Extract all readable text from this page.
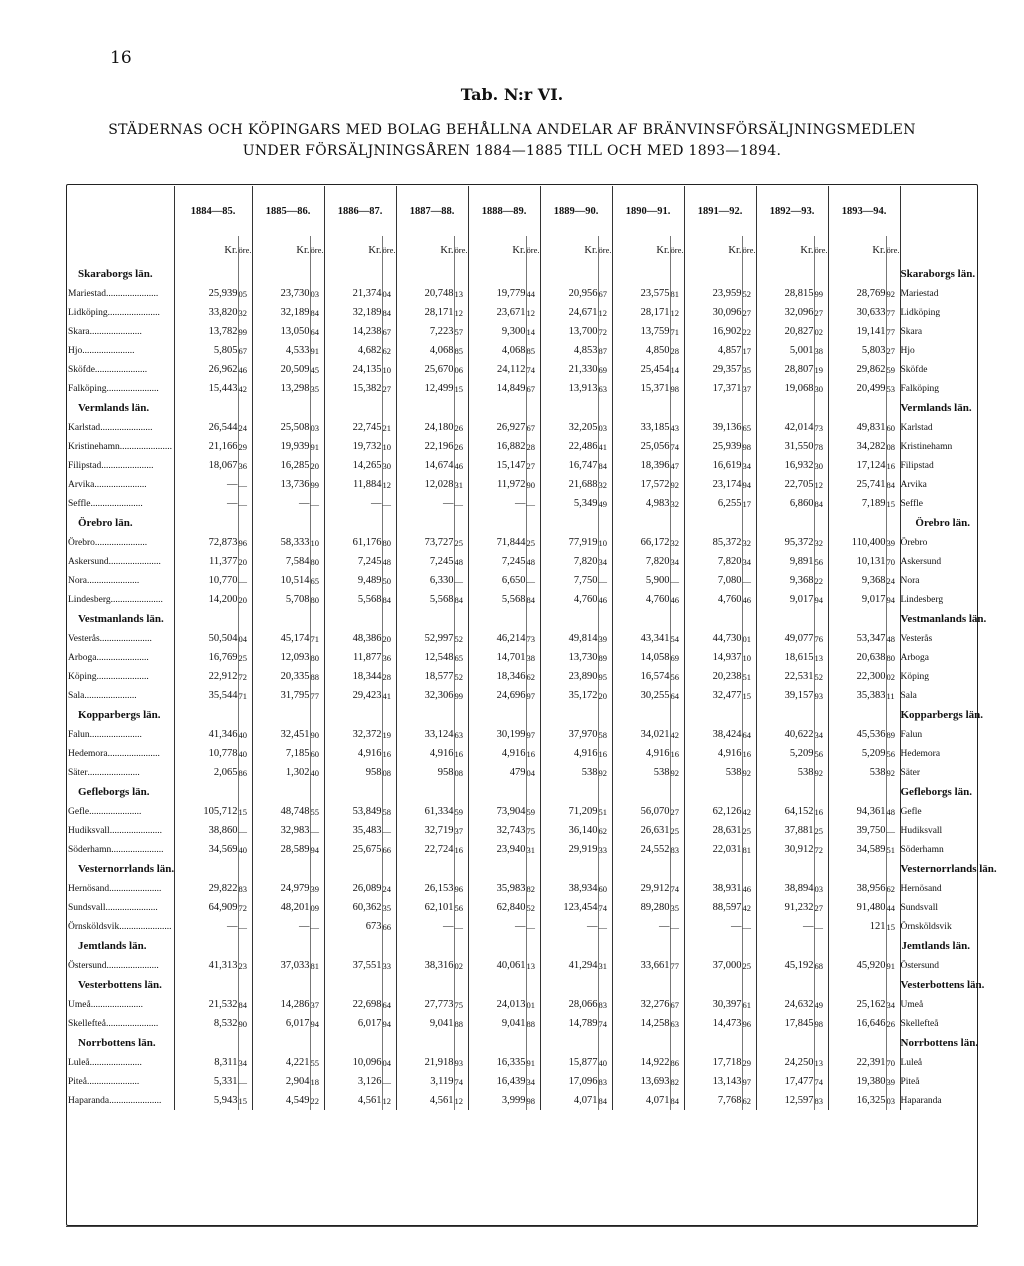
16
Tab. N:r VI.
STÄDERNAS OCH KÖPINGARS MED BOLAG BEHÅLLNA ANDELAR AF BRÄNVINSFÖRSÄLJNINGSMEDLEN
UNDER FÖRSÄLJNINGSÅREN 1884—1885 TILL OCH MED 1893—1894.
	1884—85.		1885—86.		1886—87.		1887—88.		1888—89.		1889—90.		1890—91.		1891—92.		1892—93.		1893—94.		
	Kr.	öre.	Kr.	öre.	Kr.	öre.	Kr.	öre.	Kr.	öre.	Kr.	öre.	Kr.	öre.	Kr.	öre.	Kr.	öre.	Kr.	öre.	
Skaraborgs län.																					Skaraborgs län.
Mariestad......................	25,939	05	23,730	03	21,374	04	20,748	13	19,779	44	20,956	67	23,575	81	23,959	52	28,815	99	28,769	92	Mariestad
Lidköping......................	33,820	32	32,189	84	32,189	84	28,171	12	23,671	12	24,671	12	28,171	12	30,096	27	32,096	27	30,633	77	Lidköping
Skara......................	13,782	99	13,050	64	14,238	67	7,223	57	9,300	14	13,700	72	13,759	71	16,902	22	20,827	02	19,141	77	Skara
Hjo......................	5,805	67	4,533	91	4,682	62	4,068	85	4,068	85	4,853	87	4,850	28	4,857	17	5,001	38	5,803	27	Hjo
Sköfde......................	26,962	46	20,509	45	24,135	10	25,670	06	24,112	74	21,330	69	25,454	14	29,357	35	28,807	19	29,862	59	Sköfde
Falköping......................	15,443	42	13,298	35	15,382	27	12,499	15	14,849	67	13,913	63	15,371	98	17,371	37	19,068	30	20,499	53	Falköping
Vermlands län.																					Vermlands län.
Karlstad......................	26,544	24	25,508	03	22,745	21	24,180	26	26,927	67	32,205	03	33,185	43	39,136	65	42,014	73	49,831	60	Karlstad
Kristinehamn......................	21,166	29	19,939	91	19,732	10	22,196	26	16,882	28	22,486	41	25,056	74	25,939	98	31,550	78	34,282	08	Kristinehamn
Filipstad......................	18,067	36	16,285	20	14,265	30	14,674	46	15,147	27	16,747	84	18,396	47	16,619	34	16,932	30	17,124	16	Filipstad
Arvika......................	—	—	13,736	99	11,884	12	12,028	31	11,972	90	21,688	32	17,572	92	23,174	94	22,705	12	25,741	84	Arvika
Seffle......................	—	—	—	—	—	—	—	—	—	—	5,349	49	4,983	32	6,255	17	6,860	84	7,189	15	Seffle
Örebro län.																					Örebro län.
Örebro......................	72,873	96	58,333	10	61,176	80	73,727	25	71,844	25	77,919	10	66,172	32	85,372	32	95,372	32	110,400	39	Örebro
Askersund......................	11,377	20	7,584	80	7,245	48	7,245	48	7,245	48	7,820	34	7,820	34	7,820	34	9,891	56	10,131	70	Askersund
Nora......................	10,770	—	10,514	65	9,489	50	6,330	—	6,650	—	7,750	—	5,900	—	7,080	—	9,368	22	9,368	24	Nora
Lindesberg......................	14,200	20	5,708	80	5,568	84	5,568	84	5,568	84	4,760	46	4,760	46	4,760	46	9,017	94	9,017	94	Lindesberg
Vestmanlands län.																					Vestmanlands län.
Vesterås......................	50,504	04	45,174	71	48,386	20	52,997	52	46,214	73	49,814	39	43,341	54	44,730	01	49,077	76	53,347	48	Vesterås
Arboga......................	16,769	25	12,093	80	11,877	36	12,548	65	14,701	38	13,730	89	14,058	69	14,937	10	18,615	13	20,638	80	Arboga
Köping......................	22,912	72	20,335	88	18,344	28	18,577	52	18,346	62	23,890	95	16,574	56	20,238	51	22,531	52	22,300	02	Köping
Sala......................	35,544	71	31,795	77	29,423	41	32,306	99	24,696	97	35,172	20	30,255	64	32,477	15	39,157	93	35,383	11	Sala
Kopparbergs län.																					Kopparbergs län.
Falun......................	41,346	40	32,451	90	32,372	19	33,124	63	30,199	97	37,970	58	34,021	42	38,424	64	40,622	34	45,536	89	Falun
Hedemora......................	10,778	40	7,185	60	4,916	16	4,916	16	4,916	16	4,916	16	4,916	16	4,916	16	5,209	56	5,209	56	Hedemora
Säter......................	2,065	86	1,302	40	958	08	958	08	479	04	538	92	538	92	538	92	538	92	538	92	Säter
Gefleborgs län.																					Gefleborgs län.
Gefle......................	105,712	15	48,748	55	53,849	58	61,334	59	73,904	59	71,209	51	56,070	27	62,126	42	64,152	16	94,361	48	Gefle
Hudiksvall......................	38,860	—	32,983	—	35,483	—	32,719	37	32,743	75	36,140	62	26,631	25	28,631	25	37,881	25	39,750	—	Hudiksvall
Söderhamn......................	34,569	40	28,589	94	25,675	66	22,724	16	23,940	31	29,919	33	24,552	83	22,031	81	30,912	72	34,589	51	Söderhamn
Vesternorrlands län.																					Vesternorrlands län.
Hernösand......................	29,822	83	24,979	39	26,089	24	26,153	96	35,983	82	38,934	60	29,912	74	38,931	46	38,894	03	38,956	62	Hernösand
Sundsvall......................	64,909	72	48,201	09	60,362	35	62,101	56	62,840	52	123,454	74	89,280	35	88,597	42	91,232	27	91,480	44	Sundsvall
Örnsköldsvik......................	—	—	—	—	673	66	—	—	—	—	—	—	—	—	—	—	—	—	121	15	Örnsköldsvik
Jemtlands län.																					Jemtlands län.
Östersund......................	41,313	23	37,033	81	37,551	33	38,316	02	40,061	13	41,294	31	33,661	77	37,000	25	45,192	68	45,920	91	Östersund
Vesterbottens län.																					Vesterbottens län.
Umeå......................	21,532	84	14,286	37	22,698	64	27,773	75	24,013	01	28,066	83	32,276	67	30,397	61	24,632	49	25,162	34	Umeå
Skellefteå......................	8,532	90	6,017	94	6,017	94	9,041	88	9,041	88	14,789	74	14,258	63	14,473	96	17,845	98	16,646	26	Skellefteå
Norrbottens län.																					Norrbottens län.
Luleå......................	8,311	34	4,221	55	10,096	04	21,918	93	16,335	91	15,877	40	14,922	86	17,718	29	24,250	13	22,391	70	Luleå
Piteå......................	5,331	—	2,904	18	3,126	—	3,119	74	16,439	34	17,096	83	13,693	82	13,143	97	17,477	74	19,380	39	Piteå
Haparanda......................	5,943	15	4,549	22	4,561	12	4,561	12	3,999	98	4,071	84	4,071	84	7,768	62	12,597	83	16,325	03	Haparanda
